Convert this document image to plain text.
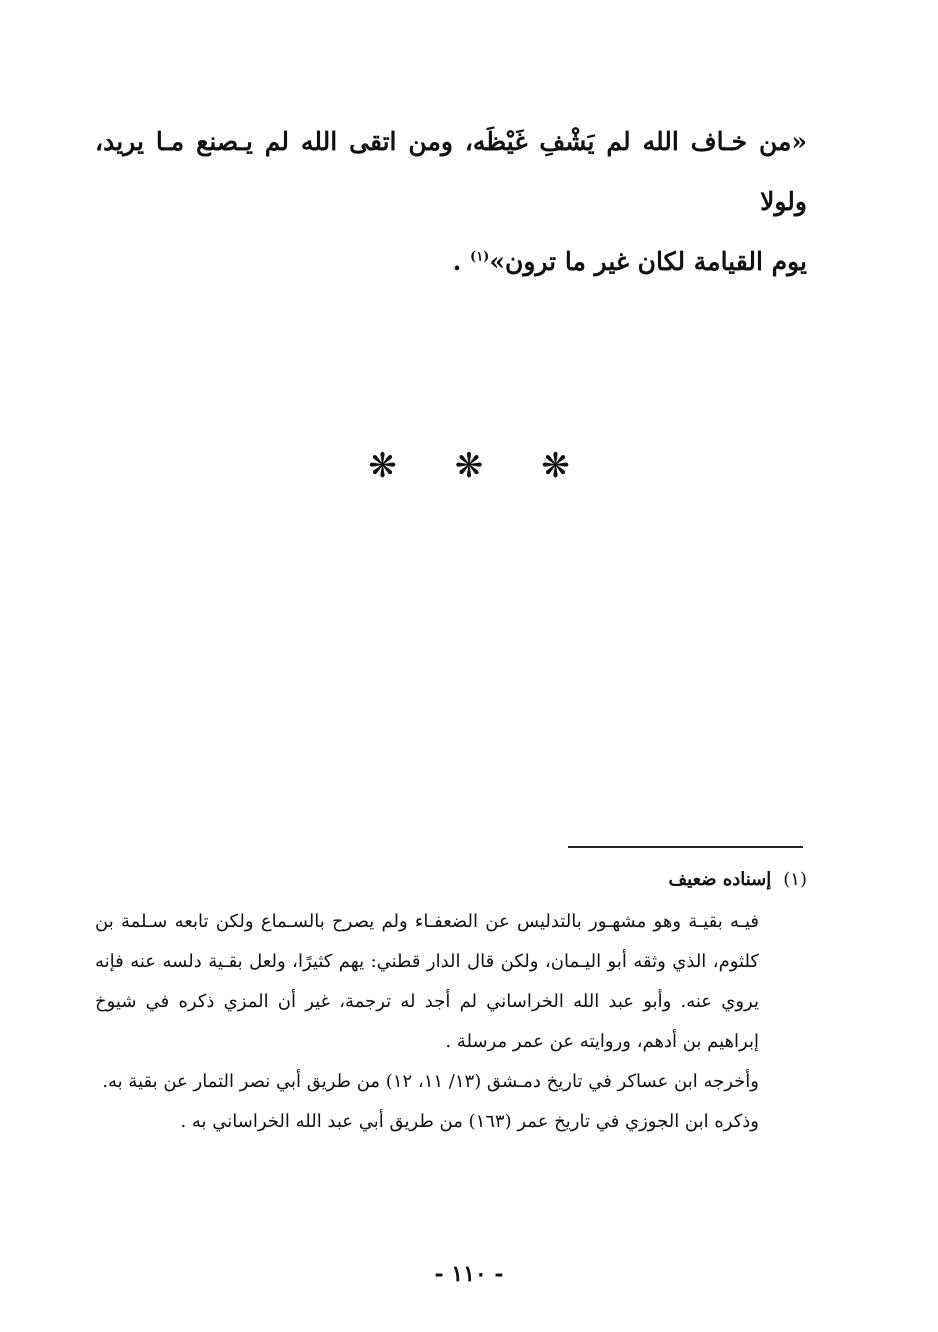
«من خـاف الله لم يَشْفِ غَيْظَه، ومن اتقى الله لم يـصنع مـا يريد، ولولا
يوم القيامة لكان غير ما ترون»$^{(١)}$ .
❋
❋
❋
(١)
إسناده ضعيف

فيـه بقيـة وهو مشهـور بالتدليس عن الضعفـاء ولم يصرح بالسـماع ولكن تابعه سـلمة بن كلثوم، الذي وثقه أبو اليـمان، ولكن قال الدار قطني: يهم كثيرًا، ولعل بقـية دلسه عنه فإنه يروي عنه. وأبو عبد الله الخراساني لم أجد له ترجمة، غير أن المزي ذكره في شيوخ إبراهيم بن أدهم، وروايته عن عمر مرسلة .

وأخرجه ابن عساكر في تاريخ دمـشق (١٣/ ١١، ١٢) من طريق أبي نصر التمار عن بقية به.

وذكره ابن الجوزي في تاريخ عمر (١٦٣) من طريق أبي عبد الله الخراساني به .

- ١١٠ -
